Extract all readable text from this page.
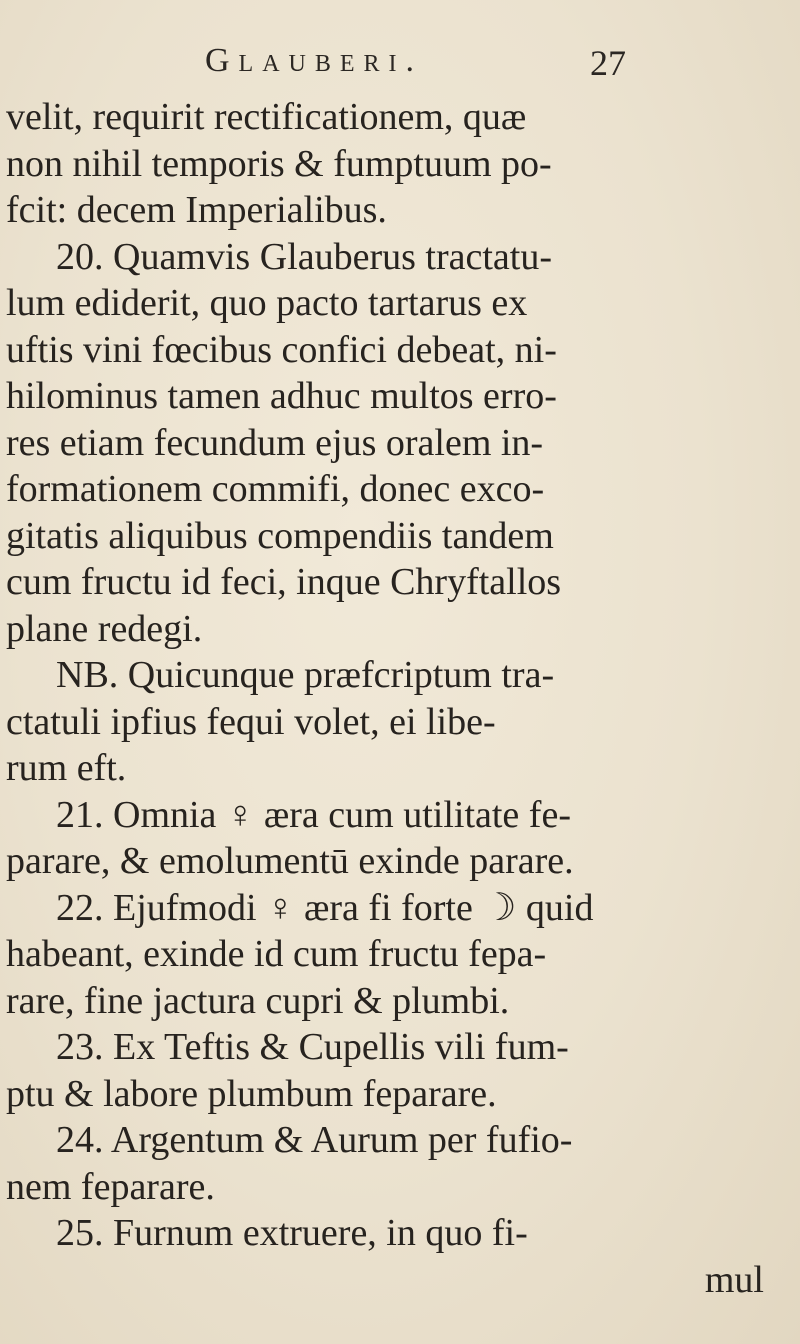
Glauberi.	27
velit, requirit rectificationem, quæ
non nihil temporis & fumptuum po-
fcit: decem Imperialibus.
20. Quamvis Glauberus tractatu-
lum ediderit, quo pacto tartarus ex
uftis vini fœcibus confici debeat, ni-
hilominus tamen adhuc multos erro-
res etiam fecundum ejus oralem in-
formationem commifi, donec exco-
gitatis aliquibus compendiis tandem
cum fructu id feci, inque Chryftallos
plane redegi.
NB. Quicunque præfcriptum tra-
ctatuli ipfius fequi volet, ei libe-
rum eft.
21. Omnia ♀ æra cum utilitate fe-
parare, & emolumentū exinde parare.
22. Ejufmodi ♀ æra fi forte ☽ quid
habeant, exinde id cum fructu fepa-
rare, fine jactura cupri & plumbi.
23. Ex Teftis & Cupellis vili fum-
ptu & labore plumbum feparare.
24. Argentum & Aurum per fufio-
nem feparare.
25. Furnum extruere, in quo fi-
mul
